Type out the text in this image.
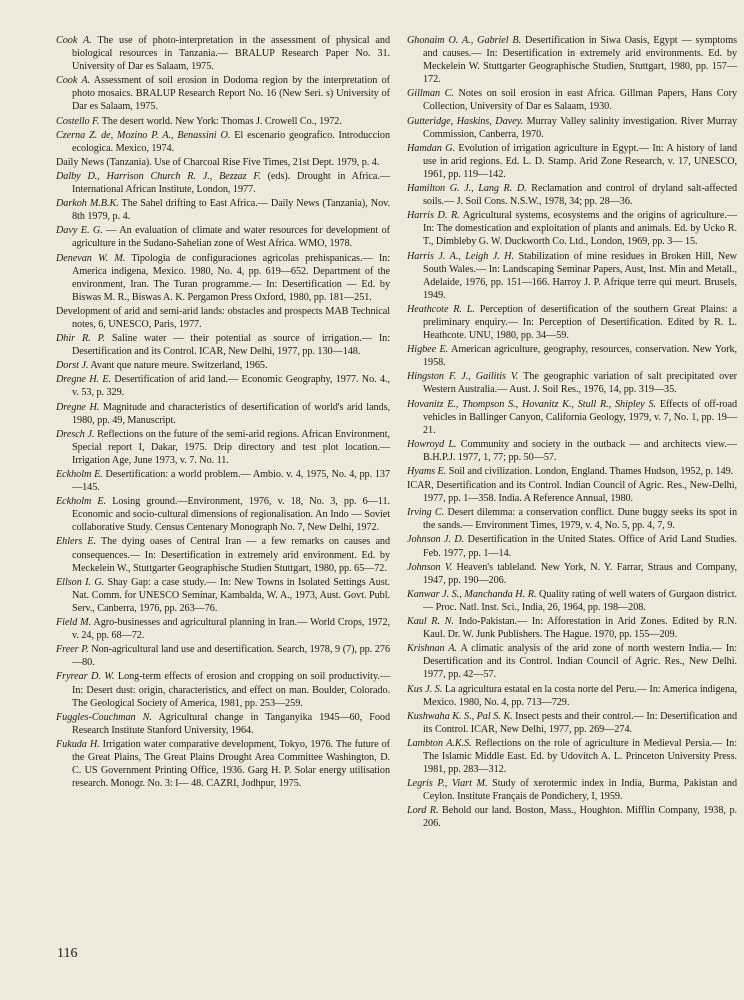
Cook A. The use of photo-interpretation in the assessment of physical and biological resources in Tanzania.— BRALUP Research Paper No. 31. University of Dar es Salaam, 1975.

Cook A. Assessment of soil erosion in Dodoma region by the interpretation of photo mosaics. BRALUP Research Report No. 16 (New Seri. s) University of Dar es Salaam, 1975.

Costello F. The desert world. New York: Thomas J. Crowell Co., 1972.

Czerna Z. de, Mozino P. A., Benassini O. El escenario geografico. Introduccion ecologica. Mexico, 1974.

Daily News (Tanzania). Use of Charcoal Rise Five Times, 21st Dept. 1979, p. 4.

Dalby D., Harrison Church R. J., Bezzaz F. (eds). Drought in Africa.— International African Institute, London, 1977.

Darkoh M.B.K. The Sahel drifting to East Africa.— Daily News (Tanzania), Nov. 8th 1979, p. 4.

Davy E. G. — An evaluation of climate and water resources for development of agriculture in the Sudano-Sahelian zone of West Africa. WMO, 1978.

Denevan W. M. Tipologia de configuraciones agricolas prehispanicas.— In: America indigena, Mexico. 1980, No. 4, pp. 619—652. Department of the environment, Iran. The Turan programme.— In: Desertification — Ed. by Biswas M. R., Biswas A. K. Pergamon Press Oxford, 1980, pp. 181—251.

Development of arid and semi-arid lands: obstacles and prospects MAB Technical notes, 6, UNESCO, Paris, 1977.

Dhir R. P. Saline water — their potential as source of irrigation.— In: Desertification and its Control. ICAR, New Delhi, 1977, pp. 130—148.

Dorst J. Avant que nature meure. Switzerland, 1965.

Dregne H. E. Desertification of arid land.— Economic Geography, 1977. No. 4., v. 53, p. 329.

Dregne H. Magnitude and characteristics of desertification of world's arid lands, 1980, pp. 49, Manuscript.

Dresch J. Reflections on the future of the semi-arid regions. African Environment, Special report I, Dakar, 1975. Drip directory and test plot location.— Irrigation Age, June 1973, v. 7. No. 11.

Eckholm E. Desertification: a world problem.— Ambio. v. 4, 1975, No. 4, pp. 137—145.

Eckholm E. Losing ground.—Environment, 1976, v. 18, No. 3, pp. 6—11. Economic and socio-cultural dimensions of regionalisation. An Indo — Soviet collaborative Study. Census Centenary Monograph No. 7, New Delhi, 1972.

Ehlers E. The dying oases of Central Iran — a few remarks on causes and consequences.— In: Desertification in extremely arid environment. Ed. by Meckelein W., Stuttgarter Geographische Studien Stuttgart, 1980, pp. 65—72.

Ellson I. G. Shay Gap: a case study.— In: New Towns in Isolated Settings Aust. Nat. Comm. for UNESCO Seminar, Kambalda, W. A., 1973, Aust. Govt. Publ. Serv., Canberra, 1976, pp. 263—76.

Field M. Agro-businesses and agricultural planning in Iran.— World Crops, 1972, v. 24, pp. 68—72.

Freer P. Non-agricultural land use and desertification. Search, 1978, 9 (7), pp. 276—80.

Fryrear D. W. Long-term effects of erosion and cropping on soil productivity.— In: Desert dust: origin, characteristics, and effect on man. Boulder, Colorado. The Geological Society of America, 1981, pp. 253—259.

Fuggles-Couchman N. Agricultural change in Tanganyika 1945—60, Food Research Institute Stanford University, 1964.

Fukuda H. Irrigation water comparative development, Tokyo, 1976. The future of the Great Plains, The Great Plains Drought Area Committee Washington, D. C. US Government Printing Office, 1936. Garg H. P. Solar energy utilisation research. Monogr. No. 3: I— 48. CAZRI, Jodhpur, 1975.

Ghonaim O. A., Gabriel B. Desertification in Siwa Oasis, Egypt — symptoms and causes.— In: Desertification in extremely arid environments. Ed. by Meckelein W. Stuttgarter Geographische Studien, Stuttgart, 1980, pp. 157—172.

Gillman C. Notes on soil erosion in east Africa. Gillman Papers, Hans Cory Collection, University of Dar es Salaam, 1930.

Gutteridge, Haskins, Davey. Murray Valley salinity investigation. River Murray Commission, Canberra, 1970.

Hamdan G. Evolution of irrigation agriculture in Egypt.— In: A history of land use in arid regions. Ed. L. D. Stamp. Arid Zone Research, v. 17, UNESCO, 1961, pp. 119—142.

Hamilton G. J., Lang R. D. Reclamation and control of dryland salt-affected soils.— J. Soil Cons. N.S.W., 1978, 34; pp. 28—36.

Harris D. R. Agricultural systems, ecosystems and the origins of agriculture.— In: The domestication and exploitation of plants and animals. Ed. by Ucko R. T., Dimbleby G. W. Duckworth Co. Ltd., London, 1969, pp. 3— 15.

Harris J. A., Leigh J. H. Stabilization of mine residues in Broken Hill, New South Wales.— In: Landscaping Seminar Papers, Aust, Inst. Min and Metall., Adelaide, 1976, pp. 151—166. Harroy J. P. Afrique terre qui meurt. Brusels, 1949.

Heathcote R. L. Perception of desertification of the southern Great Plains: a preliminary enquiry.— In: Perception of Desertification. Edited by R. L. Heathcote. UNU, 1980, pp. 34—59.

Higbee E. American agriculture, geography, resources, conservation. New York, 1958.

Hingston F. J., Gailitis V. The geographic variation of salt precipitated over Western Australia.— Aust. J. Soil Res., 1976, 14, pp. 319—35.

Hovanitz E., Thompson S., Hovanitz K., Stull R., Shipley S. Effects of off-road vehicles in Ballinger Canyon, California Geology, 1979, v. 7, No. 1, pp. 19— 21.

Howroyd L. Community and society in the outback — and architects view.— B.H.P.J. 1977, 1, 77; pp. 50—57.

Hyams E. Soil and civilization. London, England. Thames Hudson, 1952, p. 149.

ICAR, Desertification and its Control. Indian Council of Agric. Res., New-Delhi, 1977, pp. 1—358. India. A Reference Annual, 1980.

Irving C. Desert dilemma: a conservation conflict. Dune buggy seeks its spot in the sands.— Environment Times, 1979, v. 4, No. 5, pp. 4, 7, 9.

Johnson J. D. Desertification in the United States. Office of Arid Land Studies. Feb. 1977, pp. 1—14.

Johnson V. Heaven's tableland. New York, N. Y. Farrar, Straus and Company, 1947, pp. 190—206.

Kanwar J. S., Manchanda H. R. Quality rating of well waters of Gurgaon district.— Proc. Natl. Inst. Sci., India, 26, 1964, pp. 198—208.

Kaul R. N. Indo-Pakistan.— In: Afforestation in Arid Zones. Edited by R.N. Kaul. Dr. W. Junk Publishers. The Hague. 1970, pp. 155—209.

Krishnan A. A climatic analysis of the arid zone of north western India.— In: Desertification and its Control. Indian Council of Agric. Res., New Delhi. 1977, pp. 42—57.

Kus J. S. La agricultura estatal en la costa norte del Peru.— In: America indigena, Mexico. 1980, No. 4, pp. 713—729.

Kushwaha K. S., Pal S. K. Insect pests and their control.— In: Desertification and its Control. ICAR, New Delhi, 1977, pp. 269—274.

Lambton A.K.S. Reflections on the role of agriculture in Medieval Persia.— In: The Islamic Middle East. Ed. by Udovitch A. L. Princeton University Press. 1981, pp. 283—312.

Legris P., Viart M. Study of xerotermic index in India, Burma, Pakistan and Ceylon. Institute Français de Pondichery, I, 1959.

Lord R. Behold our land. Boston, Mass., Houghton. Mifflin Company, 1938, p. 206.

116
